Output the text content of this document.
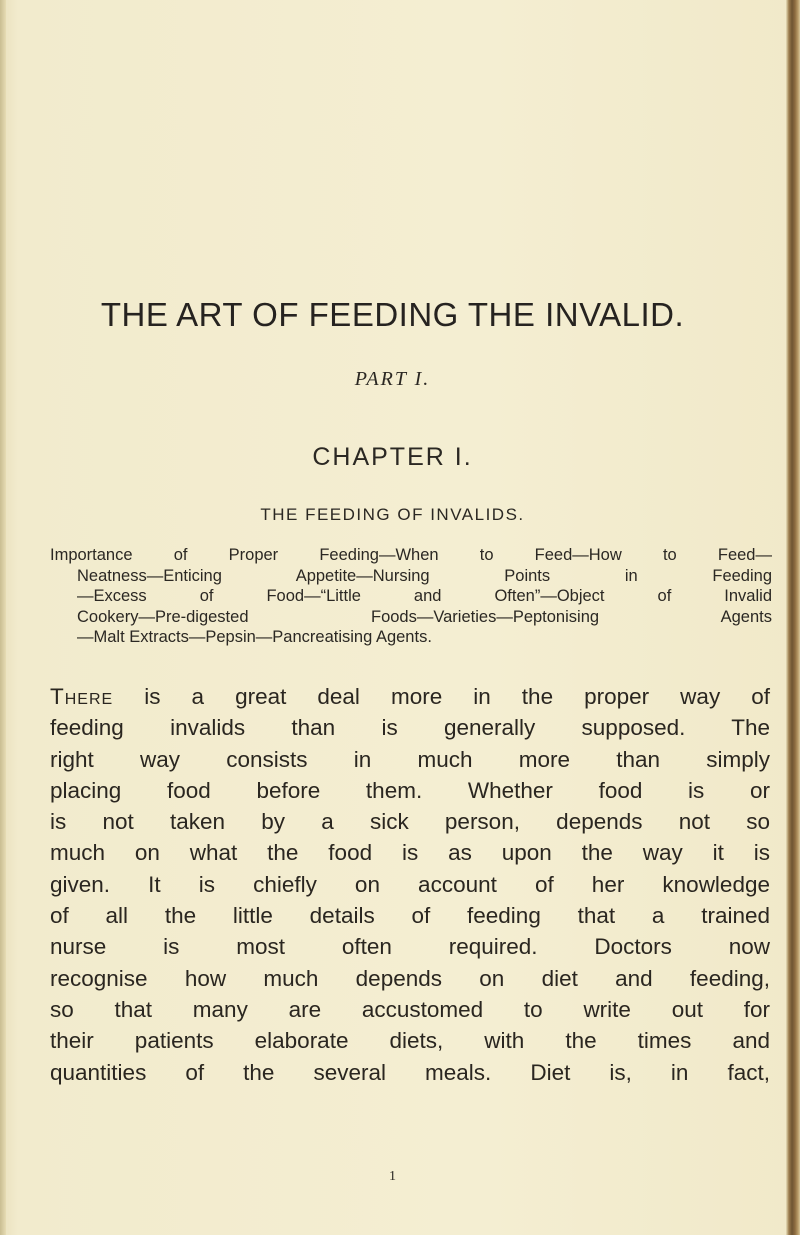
THE ART OF FEEDING THE INVALID.
PART I.
CHAPTER I.
THE FEEDING OF INVALIDS.
Importance of Proper Feeding—When to Feed—How to Feed—
Neatness—Enticing Appetite—Nursing Points in Feeding
—Excess of Food—“Little and Often”—Object of Invalid
Cookery—Pre-digested Foods—Varieties—Peptonising Agents
—Malt Extracts—Pepsin—Pancreatising Agents.
There is a great deal more in the proper way of
feeding invalids than is generally supposed. The
right way consists in much more than simply
placing food before them. Whether food is or
is not taken by a sick person, depends not so
much on what the food is as upon the way it is
given. It is chiefly on account of her knowledge
of all the little details of feeding that a trained
nurse is most often required. Doctors now
recognise how much depends on diet and feeding,
so that many are accustomed to write out for
their patients elaborate diets, with the times and
quantities of the several meals. Diet is, in fact,
1
